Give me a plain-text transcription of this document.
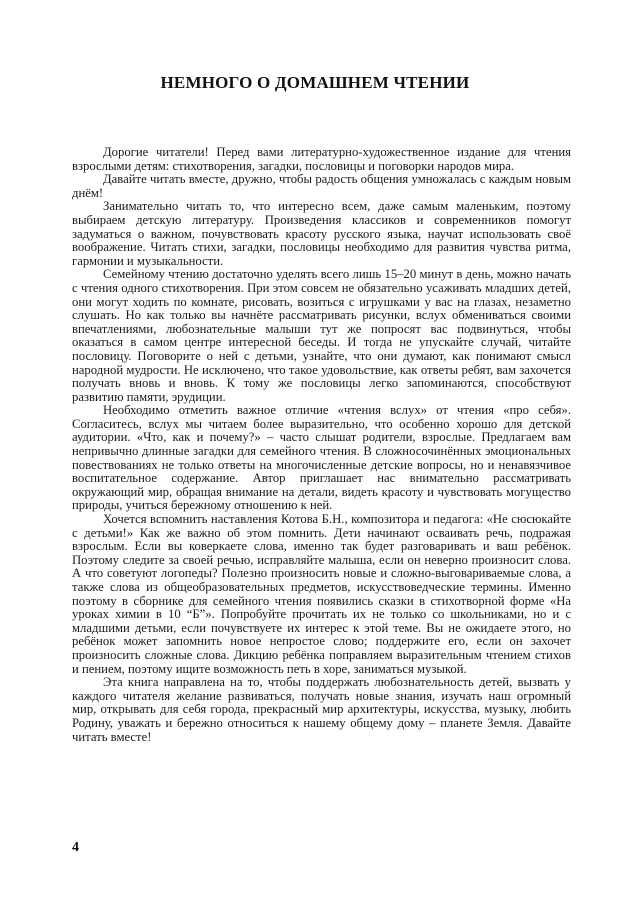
НЕМНОГО О ДОМАШНЕМ ЧТЕНИИ

Дорогие читатели! Перед вами литературно-художественное издание для чтения взрослыми детям: стихотворения, загадки, пословицы и поговорки народов мира.

Давайте читать вместе, дружно, чтобы радость общения умножалась с каждым новым днём!

Занимательно читать то, что интересно всем, даже самым маленьким, поэтому выбираем детскую литературу. Произведения классиков и современников помогут задуматься о важном, почувствовать красоту русского языка, научат использовать своё воображение. Читать стихи, загадки, пословицы необходимо для развития чувства ритма, гармонии и музыкальности.

Семейному чтению достаточно уделять всего лишь 15–20 минут в день, можно начать с чтения одного стихотворения. При этом совсем не обязательно усаживать младших детей, они могут ходить по комнате, рисовать, возиться с игрушками у вас на глазах, незаметно слушать. Но как только вы начнёте рассматривать рисунки, вслух обмениваться своими впечатлениями, любознательные малыши тут же попросят вас подвинуться, чтобы оказаться в самом центре интересной беседы. И тогда не упускайте случай, читайте пословицу. Поговорите о ней с детьми, узнайте, что они думают, как понимают смысл народной мудрости. Не исключено, что такое удовольствие, как ответы ребят, вам захочется получать вновь и вновь. К тому же пословицы легко запоминаются, способствуют развитию памяти, эрудиции.

Необходимо отметить важное отличие «чтения вслух» от чтения «про себя». Согласитесь, вслух мы читаем более выразительно, что особенно хорошо для детской аудитории. «Что, как и почему?» – часто слышат родители, взрослые. Предлагаем вам непривычно длинные загадки для семейного чтения. В сложносочинённых эмоциональных повествованиях не только ответы на многочисленные детские вопросы, но и ненавязчивое воспитательное содержание. Автор приглашает нас внимательно рассматривать окружающий мир, обращая внимание на детали, видеть красоту и чувствовать могущество природы, учиться бережному отношению к ней.

Хочется вспомнить наставления Котова Б.Н., композитора и педагога: «Не сюсюкайте с детьми!» Как же важно об этом помнить. Дети начинают осваивать речь, подражая взрослым. Если вы коверкаете слова, именно так будет разговаривать и ваш ребёнок. Поэтому следите за своей речью, исправляйте малыша, если он неверно произносит слова. А что советуют логопеды? Полезно произносить новые и сложно-выговариваемые слова, а также слова из общеобразовательных предметов, искусствоведческие термины. Именно поэтому в сборнике для семейного чтения появились сказки в стихотворной форме «На уроках химии в 10 “Б”». Попробуйте прочитать их не только со школьниками, но и с младшими детьми, если почувствуете их интерес к этой теме. Вы не ожидаете этого, но ребёнок может запомнить новое непростое слово; поддержите его, если он захочет произносить сложные слова. Дикцию ребёнка поправляем выразительным чтением стихов и пением, поэтому ищите возможность петь в хоре, заниматься музыкой.

Эта книга направлена на то, чтобы поддержать любознательность детей, вызвать у каждого читателя желание развиваться, получать новые знания, изучать наш огромный мир, открывать для себя города, прекрасный мир архитектуры, искусства, музыку, любить Родину, уважать и бережно относиться к нашему общему дому – планете Земля. Давайте читать вместе!

4
